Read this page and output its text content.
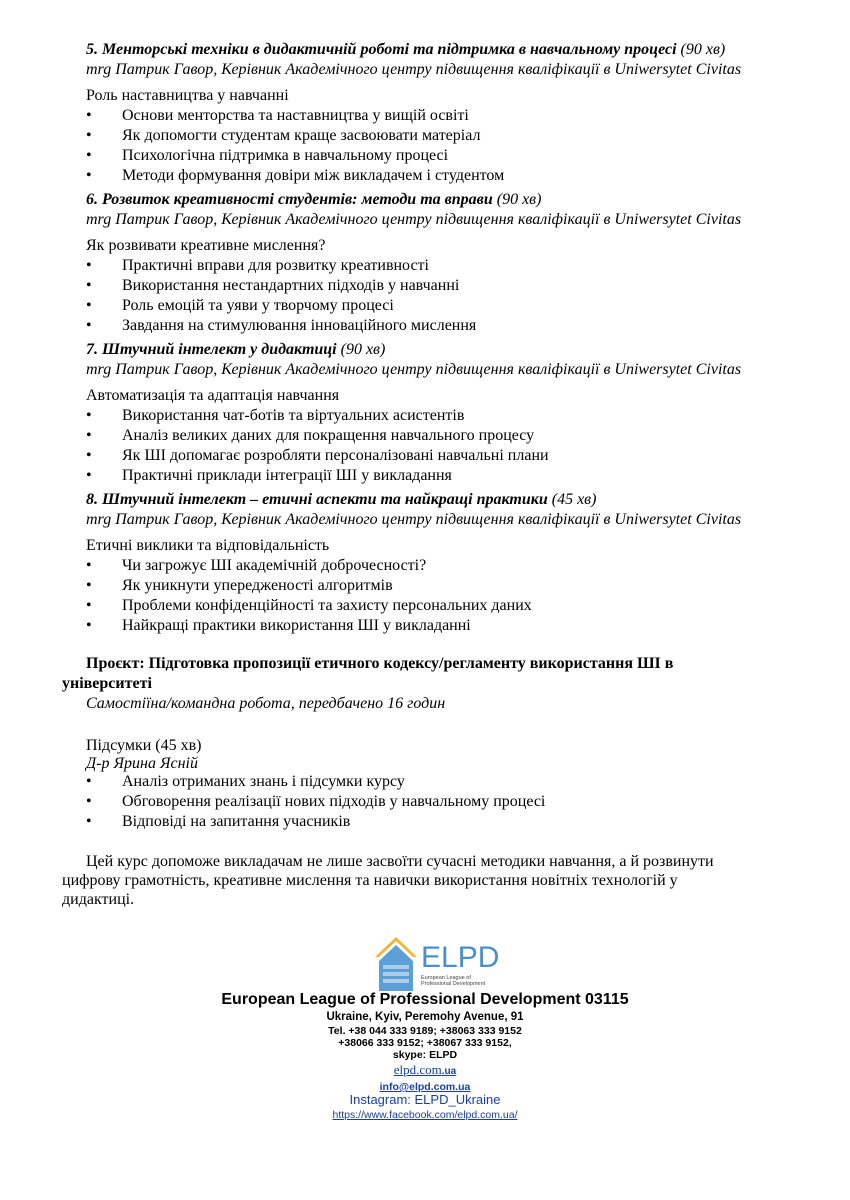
5. Менторські техніки в дидактичній роботі та підтримка в навчальному процесі (90 хв)
mrg Патрик Гавор, Керівник Академічного центру підвищення кваліфікації в Uniwersytet Civitas
Роль наставництва у навчанні
• Основи менторства та наставництва у вищій освіті
• Як допомогти студентам краще засвоювати матеріал
• Психологічна підтримка в навчальному процесі
• Методи формування довіри між викладачем і студентом
6. Розвиток креативності студентів: методи та вправи (90 хв)
mrg Патрик Гавор, Керівник Академічного центру підвищення кваліфікації в Uniwersytet Civitas
Як розвивати креативне мислення?
• Практичні вправи для розвитку креативності
• Використання нестандартних підходів у навчанні
• Роль емоцій та уяви у творчому процесі
• Завдання на стимулювання інноваційного мислення
7. Штучний інтелект у дидактиці (90 хв)
mrg Патрик Гавор, Керівник Академічного центру підвищення кваліфікації в Uniwersytet Civitas
Автоматизація та адаптація навчання
• Використання чат-ботів та віртуальних асистентів
• Аналіз великих даних для покращення навчального процесу
• Як ШІ допомагає розробляти персоналізовані навчальні плани
• Практичні приклади інтеграції ШІ у викладання
8. Штучний інтелект – етичні аспекти та найкращі практики (45 хв)
mrg Патрик Гавор, Керівник Академічного центру підвищення кваліфікації в Uniwersytet Civitas
Етичні виклики та відповідальність
• Чи загрожує ШІ академічній доброчесності?
• Як уникнути упередженості алгоритмів
• Проблеми конфіденційності та захисту персональних даних
• Найкращі практики використання ШІ у викладанні
Проєкт: Підготовка пропозиції етичного кодексу/регламенту використання ШІ в
університеті
Самостіїна/командна робота, передбачено 16 годин
Підсумки (45 хв)
Д-р Ярина Ясній
• Аналіз отриманих знань і підсумки курсу
• Обговорення реалізації нових підходів у навчальному процесі
• Відповіді на запитання учасників
Цей курс допоможе викладачам не лише засвоїти сучасні методики навчання, а й розвинути
цифрову грамотність, креативне мислення та навички використання новітніх технологій у
дидактиці.
ELPD
European League of
Professional Development
European League of Professional Development 03115
Ukraine, Kyiv, Peremohy Avenue, 91
Tel. +38 044 333 9189; +38063 333 9152
+38066 333 9152; +38067 333 9152,
skype: ELPD
elpd.com.ua
info@elpd.com.ua
Instagram: ELPD_Ukraine
https://www.facebook.com/elpd.com.ua/
